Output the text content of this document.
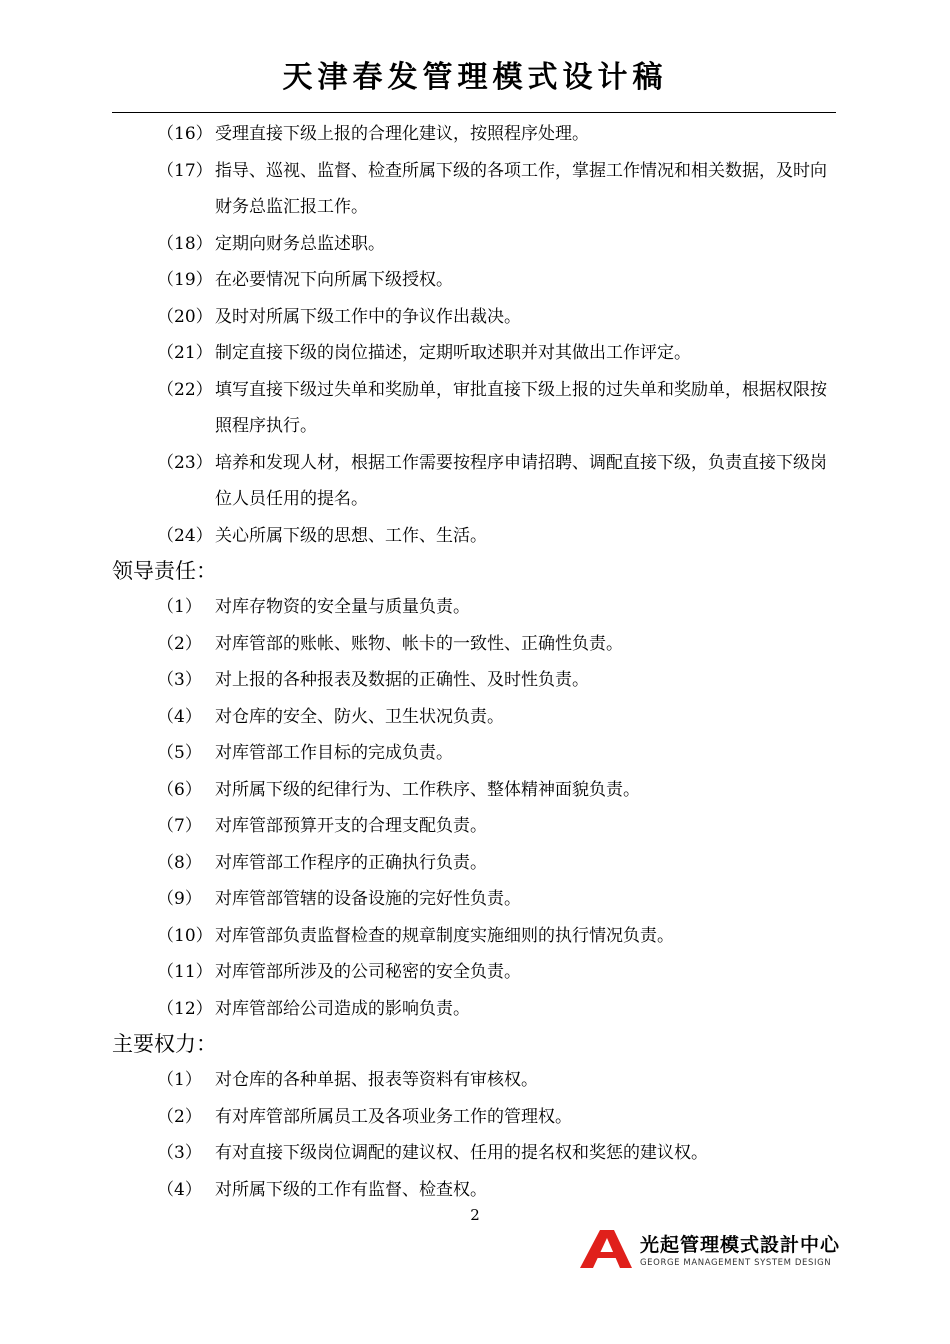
天津春发管理模式设计稿
（16） 受理直接下级上报的合理化建议，按照程序处理。
（17） 指导、巡视、监督、检查所属下级的各项工作，掌握工作情况和相关数据，及时向财务总监汇报工作。
（18） 定期向财务总监述职。
（19） 在必要情况下向所属下级授权。
（20） 及时对所属下级工作中的争议作出裁决。
（21） 制定直接下级的岗位描述，定期听取述职并对其做出工作评定。
（22） 填写直接下级过失单和奖励单，审批直接下级上报的过失单和奖励单，根据权限按照程序执行。
（23） 培养和发现人材，根据工作需要按程序申请招聘、调配直接下级，负责直接下级岗位人员任用的提名。
（24） 关心所属下级的思想、工作、生活。
领导责任：
（1） 对库存物资的安全量与质量负责。
（2） 对库管部的账帐、账物、帐卡的一致性、正确性负责。
（3） 对上报的各种报表及数据的正确性、及时性负责。
（4） 对仓库的安全、防火、卫生状况负责。
（5） 对库管部工作目标的完成负责。
（6） 对所属下级的纪律行为、工作秩序、整体精神面貌负责。
（7） 对库管部预算开支的合理支配负责。
（8） 对库管部工作程序的正确执行负责。
（9） 对库管部管辖的设备设施的完好性负责。
（10） 对库管部负责监督检查的规章制度实施细则的执行情况负责。
（11） 对库管部所涉及的公司秘密的安全负责。
（12） 对库管部给公司造成的影响负责。
主要权力：
（1） 对仓库的各种单据、报表等资料有审核权。
（2） 有对库管部所属员工及各项业务工作的管理权。
（3） 有对直接下级岗位调配的建议权、任用的提名权和奖惩的建议权。
（4） 对所属下级的工作有监督、检查权。
2
光起管理模式設計中心
GEORGE MANAGEMENT SYSTEM DESIGN
